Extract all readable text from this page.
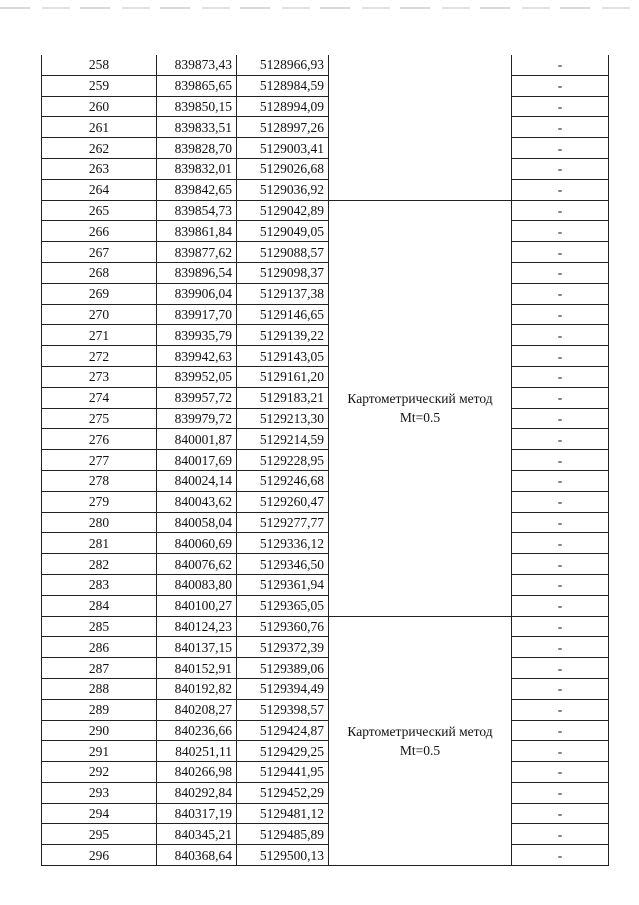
258	839873,43	5128966,93		-
259	839865,65	5128984,59		-
260	839850,15	5128994,09		-
261	839833,51	5128997,26		-
262	839828,70	5129003,41		-
263	839832,01	5129026,68		-
264	839842,65	5129036,92		-
265	839854,73	5129042,89	Картометрический метод Mt=0.5	-
266	839861,84	5129049,05		-
267	839877,62	5129088,57		-
268	839896,54	5129098,37		-
269	839906,04	5129137,38		-
270	839917,70	5129146,65		-
271	839935,79	5129139,22		-
272	839942,63	5129143,05		-
273	839952,05	5129161,20		-
274	839957,72	5129183,21		-
275	839979,72	5129213,30		-
276	840001,87	5129214,59		-
277	840017,69	5129228,95		-
278	840024,14	5129246,68		-
279	840043,62	5129260,47		-
280	840058,04	5129277,77		-
281	840060,69	5129336,12		-
282	840076,62	5129346,50		-
283	840083,80	5129361,94		-
284	840100,27	5129365,05		-
285	840124,23	5129360,76	Картометрический метод Mt=0.5	-
286	840137,15	5129372,39		-
287	840152,91	5129389,06		-
288	840192,82	5129394,49		-
289	840208,27	5129398,57		-
290	840236,66	5129424,87		-
291	840251,11	5129429,25		-
292	840266,98	5129441,95		-
293	840292,84	5129452,29		-
294	840317,19	5129481,12		-
295	840345,21	5129485,89		-
296	840368,64	5129500,13		-
